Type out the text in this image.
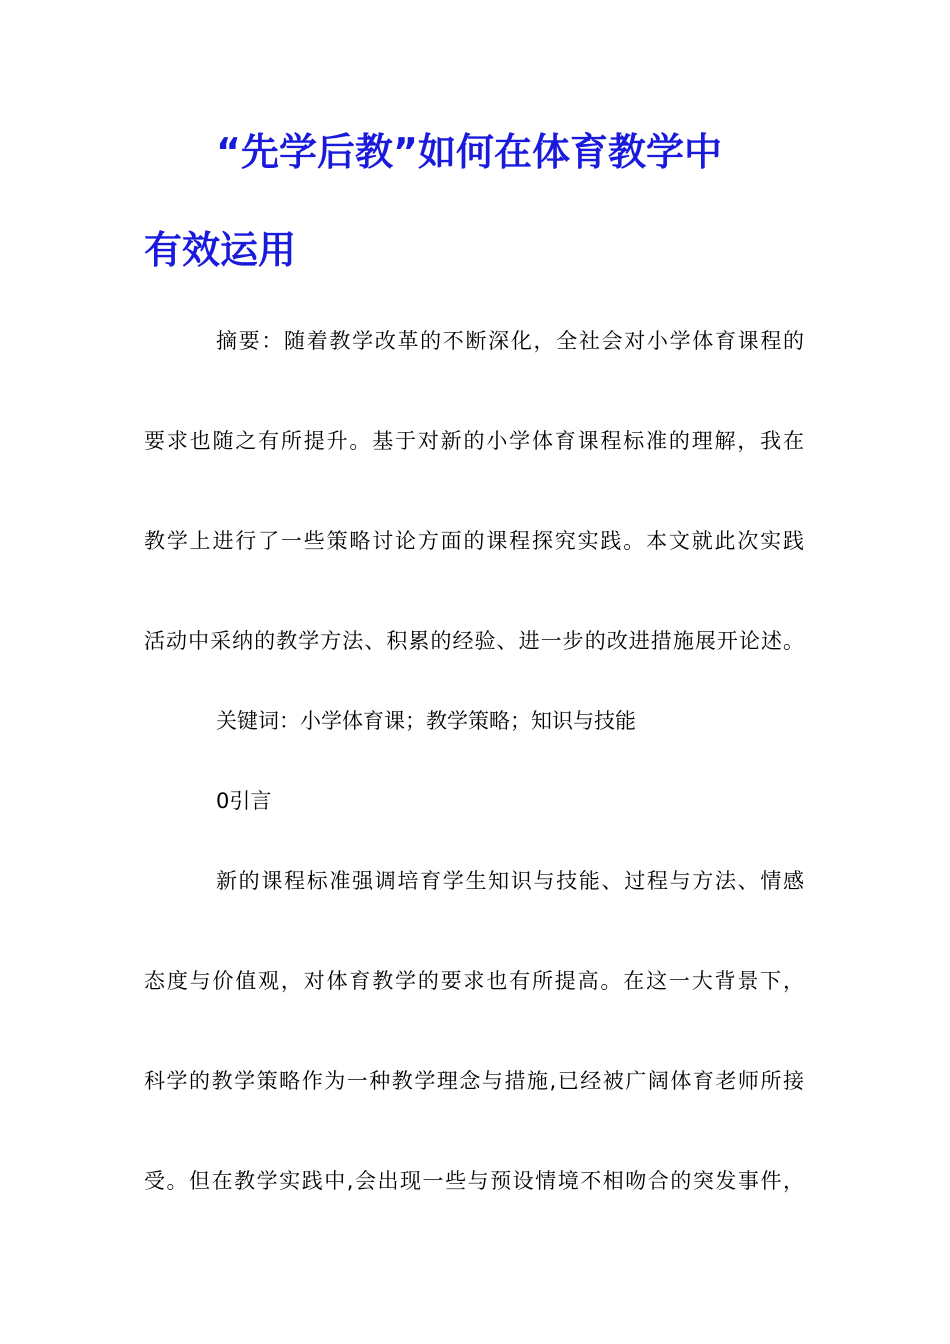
“先学后教”如何在体育教学中
有效运用

摘要：随着教学改革的不断深化，全社会对小学体育课程的

要求也随之有所提升。基于对新的小学体育课程标准的理解，我在

教学上进行了一些策略讨论方面的课程探究实践。本文就此次实践

活动中采纳的教学方法、积累的经验、进一步的改进措施展开论述。

关键词：小学体育课；教学策略；知识与技能

0引言

新的课程标准强调培育学生知识与技能、过程与方法、情感

态度与价值观，对体育教学的要求也有所提高。在这一大背景下，

科学的教学策略作为一种教学理念与措施,已经被广阔体育老师所接

受。但在教学实践中,会出现一些与预设情境不相吻合的突发事件，
